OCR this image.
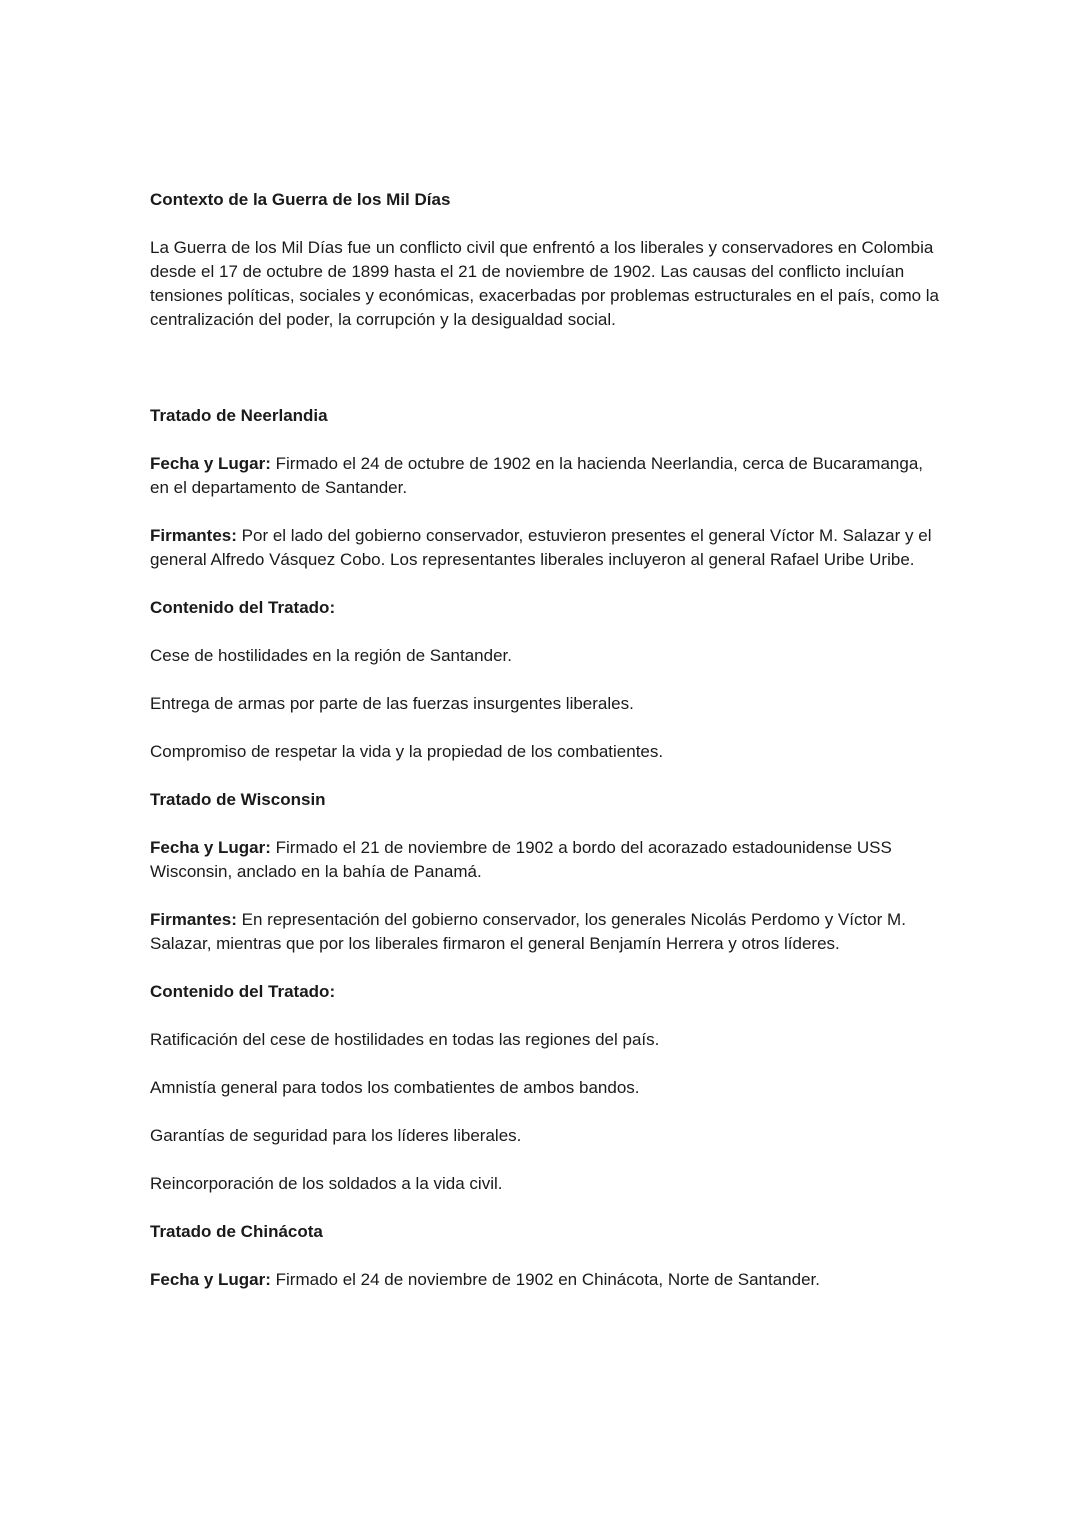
Contexto de la Guerra de los Mil Días

La Guerra de los Mil Días fue un conflicto civil que enfrentó a los liberales y conservadores en Colombia desde el 17 de octubre de 1899 hasta el 21 de noviembre de 1902. Las causas del conflicto incluían tensiones políticas, sociales y económicas, exacerbadas por problemas estructurales en el país, como la centralización del poder, la corrupción y la desigualdad social.

Tratado de Neerlandia

Fecha y Lugar: Firmado el 24 de octubre de 1902 en la hacienda Neerlandia, cerca de Bucaramanga, en el departamento de Santander.

Firmantes: Por el lado del gobierno conservador, estuvieron presentes el general Víctor M. Salazar y el general Alfredo Vásquez Cobo. Los representantes liberales incluyeron al general Rafael Uribe Uribe.

Contenido del Tratado:

Cese de hostilidades en la región de Santander.

Entrega de armas por parte de las fuerzas insurgentes liberales.

Compromiso de respetar la vida y la propiedad de los combatientes.

Tratado de Wisconsin

Fecha y Lugar: Firmado el 21 de noviembre de 1902 a bordo del acorazado estadounidense USS Wisconsin, anclado en la bahía de Panamá.

Firmantes: En representación del gobierno conservador, los generales Nicolás Perdomo y Víctor M. Salazar, mientras que por los liberales firmaron el general Benjamín Herrera y otros líderes.

Contenido del Tratado:

Ratificación del cese de hostilidades en todas las regiones del país.

Amnistía general para todos los combatientes de ambos bandos.

Garantías de seguridad para los líderes liberales.

Reincorporación de los soldados a la vida civil.

Tratado de Chinácota

Fecha y Lugar: Firmado el 24 de noviembre de 1902 en Chinácota, Norte de Santander.
